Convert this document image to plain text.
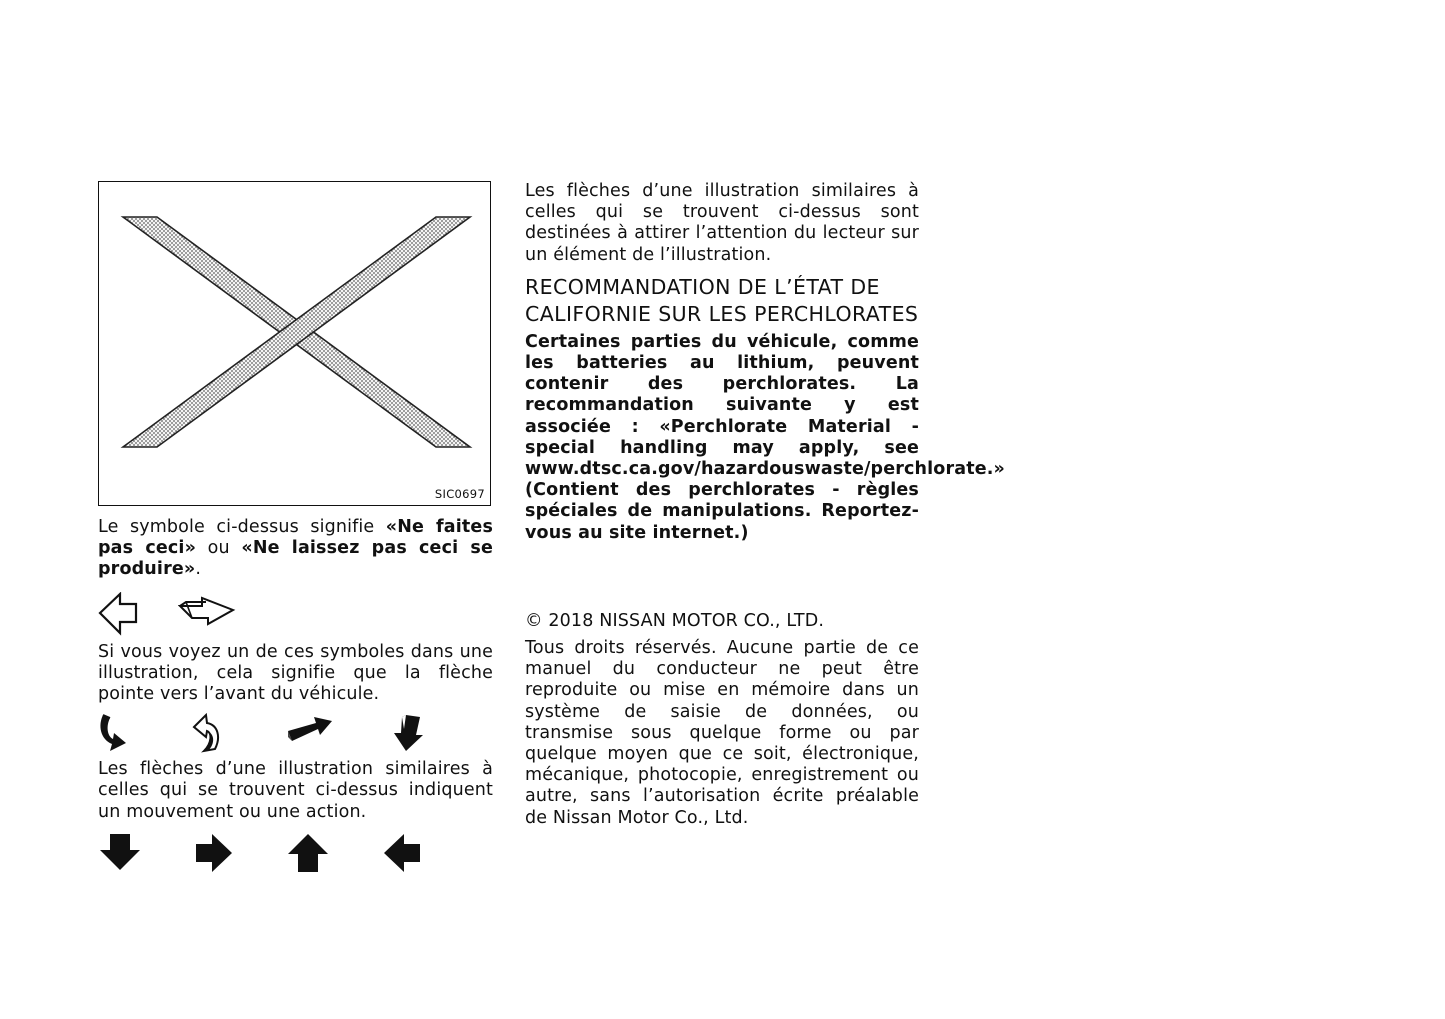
SIC0697

Le symbole ci-dessus signifie «Ne faites pas ceci» ou «Ne laissez pas ceci se produire».

Si vous voyez un de ces symboles dans une illustration, cela signifie que la flèche pointe vers l’avant du véhicule.

Les flèches d’une illustration similaires à celles qui se trouvent ci-dessus indiquent un mouvement ou une action.

Les flèches d’une illustration similaires à celles qui se trouvent ci-dessus sont destinées à attirer l’attention du lecteur sur un élément de l’illustration.

RECOMMANDATION DE L’ÉTAT DE CALIFORNIE SUR LES PERCHLORATES

Certaines parties du véhicule, comme les batteries au lithium, peuvent contenir des perchlorates. La recommandation suivante y est associée : «Perchlorate Material - special handling may apply, see www.dtsc.ca.gov/hazardouswaste/perchlorate.» (Contient des perchlorates - règles spéciales de manipulations. Reportez-vous au site internet.)

© 2018 NISSAN MOTOR CO., LTD.

Tous droits réservés. Aucune partie de ce manuel du conducteur ne peut être reproduite ou mise en mémoire dans un système de saisie de données, ou transmise sous quelque forme ou par quelque moyen que ce soit, électronique, mécanique, photocopie, enregistrement ou autre, sans l’autorisation écrite préalable de Nissan Motor Co., Ltd.
